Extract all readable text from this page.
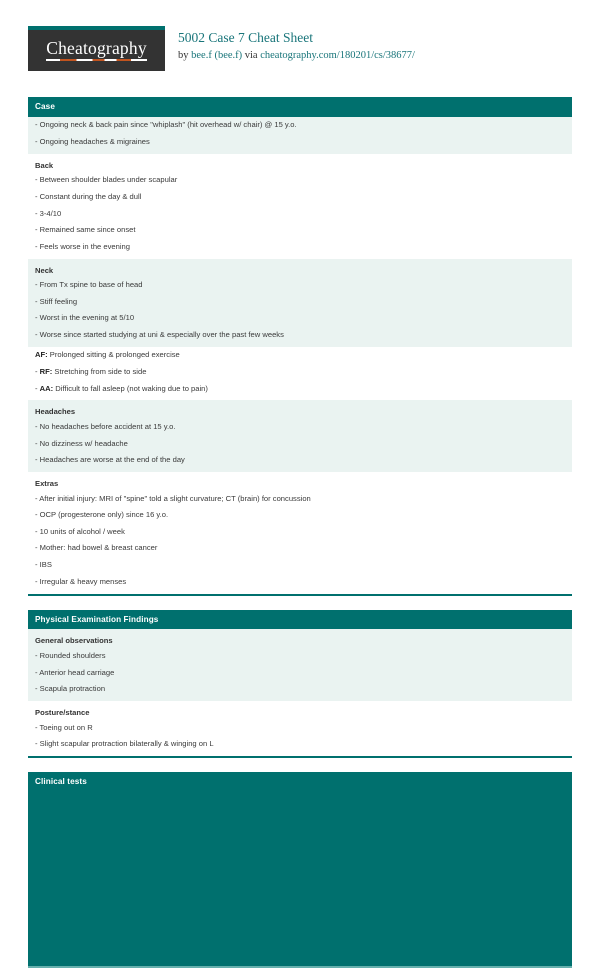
Cheatography
5002 Case 7 Cheat Sheet
by bee.f (bee.f) via cheatography.com/180201/cs/38677/
Case
- Ongoing neck & back pain since "whiplash" (hit overhead w/ chair) @ 15 y.o.
- Ongoing headaches & migraines
Back
- Between shoulder blades under scapular
- Constant during the day & dull
- 3-4/10
- Remained same since onset
- Feels worse in the evening
Neck
- From Tx spine to base of head
- Stiff feeling
- Worst in the evening at 5/10
- Worse since started studying at uni & especially over the past few weeks
AF: Prolonged sitting & prolonged exercise
- RF: Stretching from side to side
- AA: Difficult to fall asleep (not waking due to pain)
Headaches
- No headaches before accident at 15 y.o.
- No dizziness w/ headache
- Headaches are worse at the end of the day
Extras
- After initial injury: MRI of "spine" told a slight curvature; CT (brain) for concussion
- OCP (progesterone only) since 16 y.o.
- 10 units of alcohol / week
- Mother: had bowel & breast cancer
- IBS
- Irregular & heavy menses
Physical Examination Findings
General observations
- Rounded shoulders
- Anterior head carriage
- Scapula protraction
Posture/stance
- Toeing out on R
- Slight scapular protraction bilaterally & winging on L
Clinical tests
